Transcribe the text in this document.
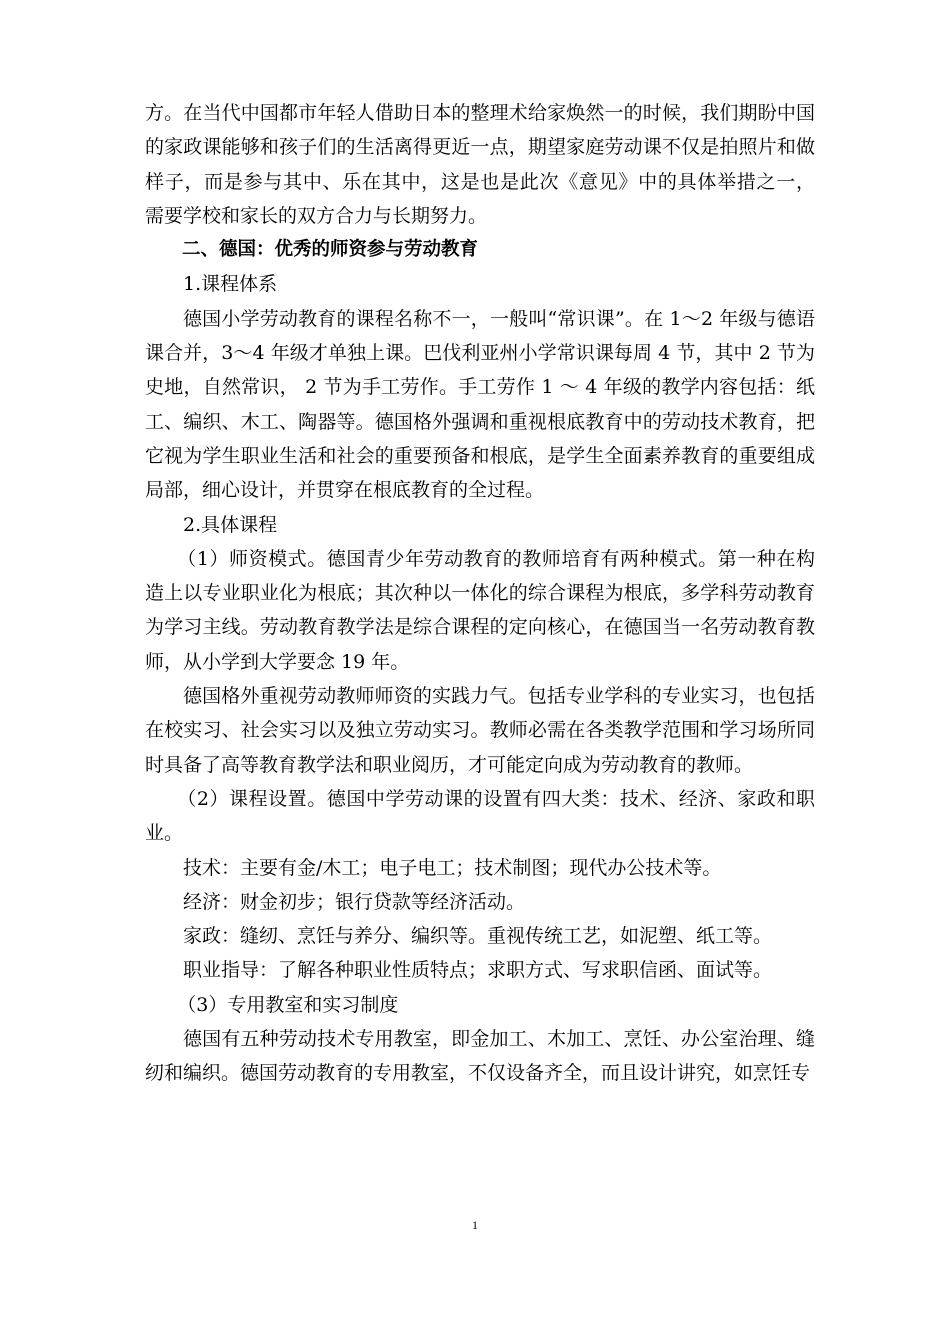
方。在当代中国都市年轻人借助日本的整理术给家焕然一的时候，我们期盼中国的家政课能够和孩子们的生活离得更近一点，期望家庭劳动课不仅是拍照片和做样子，而是参与其中、乐在其中，这是也是此次《意见》中的具体举措之一， 需要学校和家长的双方合力与长期努力。

二、德国：优秀的师资参与劳动教育

1.课程体系

德国小学劳动教育的课程名称不一，一般叫“常识课”。在 1～2 年级与德语课合并，3～4 年级才单独上课。巴伐利亚州小学常识课每周 4 节，其中 2 节为史地，自然常识， 2 节为手工劳作。手工劳作 1 ～ 4 年级的教学内容包括：纸工、编织、木工、陶器等。德国格外强调和重视根底教育中的劳动技术教育，把它视为学生职业生活和社会的重要预备和根底，是学生全面素养教育的重要组成局部，细心设计，并贯穿在根底教育的全过程。

2.具体课程

（1）师资模式。德国青少年劳动教育的教师培育有两种模式。第一种在构造上以专业职业化为根底；其次种以一体化的综合课程为根底，多学科劳动教育为学习主线。劳动教育教学法是综合课程的定向核心，在德国当一名劳动教育教师，从小学到大学要念 19 年。

德国格外重视劳动教师师资的实践力气。包括专业学科的专业实习，也包括在校实习、社会实习以及独立劳动实习。教师必需在各类教学范围和学习场所同时具备了高等教育教学法和职业阅历，才可能定向成为劳动教育的教师。

（2）课程设置。德国中学劳动课的设置有四大类：技术、经济、家政和职业。

技术：主要有金/木工；电子电工；技术制图；现代办公技术等。

经济：财金初步；银行贷款等经济活动。

家政：缝纫、烹饪与养分、编织等。重视传统工艺，如泥塑、纸工等。

职业指导：了解各种职业性质特点；求职方式、写求职信函、面试等。

（3）专用教室和实习制度

德国有五种劳动技术专用教室，即金加工、木加工、烹饪、办公室治理、缝纫和编织。德国劳动教育的专用教室，不仅设备齐全，而且设计讲究，如烹饪专

1
